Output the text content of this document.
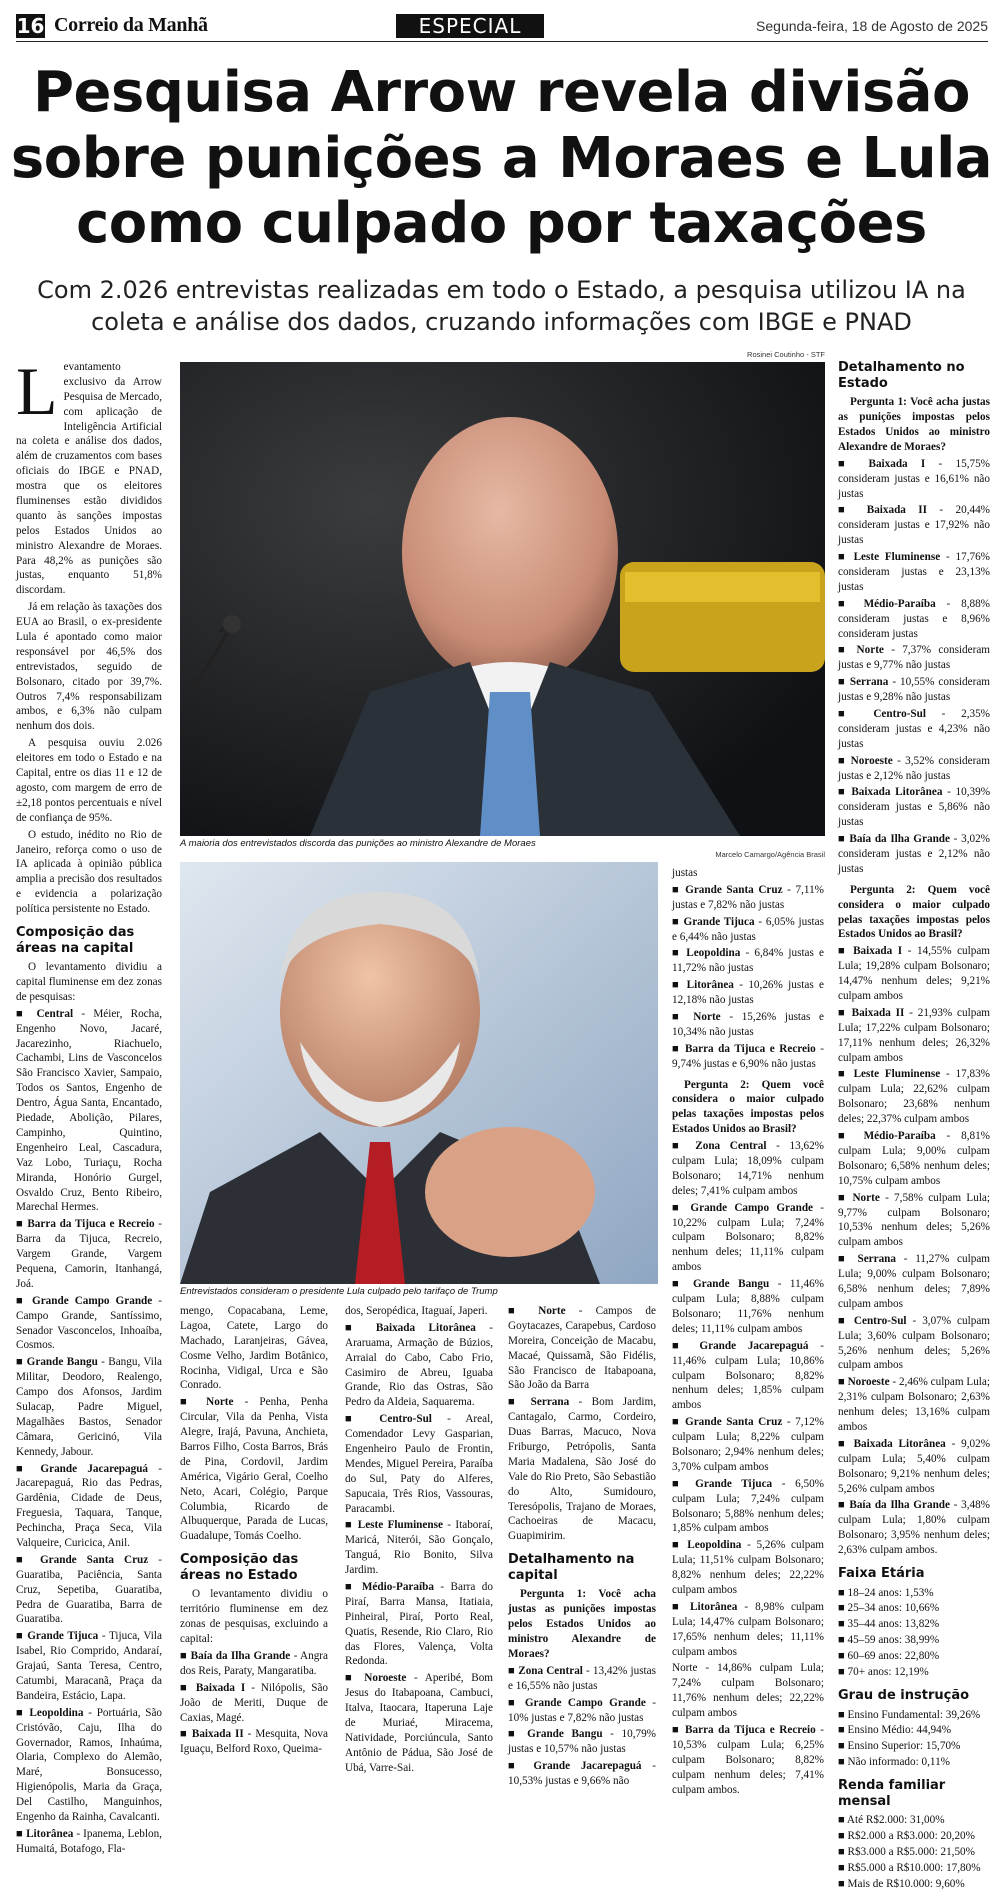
16 Correio da Manhã	ESPECIAL	Segunda-feira, 18 de Agosto de 2025
Pesquisa Arrow revela divisão sobre punições a Moraes e Lula como culpado por taxações
Com 2.026 entrevistas realizadas em todo o Estado, a pesquisa utilizou IA na coleta e análise dos dados, cruzando informações com IBGE e PNAD

Levantamento exclusivo da Arrow Pesquisa de Mercado, com aplicação de Inteligência Artificial na coleta e análise dos dados, além de cruzamentos com bases oficiais do IBGE e PNAD, mostra que os eleitores fluminenses estão divididos quanto às sanções impostas pelos Estados Unidos ao ministro Alexandre de Moraes. Para 48,2% as punições são justas, enquanto 51,8% discordam.

Já em relação às taxações dos EUA ao Brasil, o ex-presidente Lula é apontado como maior responsável por 46,5% dos entrevistados, seguido de Bolsonaro, citado por 39,7%. Outros 7,4% responsabilizam ambos, e 6,3% não culpam nenhum dos dois.

A pesquisa ouviu 2.026 eleitores em todo o Estado e na Capital, entre os dias 11 e 12 de agosto, com margem de erro de ±2,18 pontos percentuais e nível de confiança de 95%.

O estudo, inédito no Rio de Janeiro, reforça como o uso de IA aplicada à opinião pública amplia a precisão dos resultados e evidencia a polarização política persistente no Estado.

Composição das áreas na capital

O levantamento dividiu a capital fluminense em dez zonas de pesquisas:

■ Central - Méier, Rocha, Engenho Novo, Jacaré, Jacarezinho, Riachuelo, Cachambi, Lins de Vasconcelos São Francisco Xavier, Sampaio, Todos os Santos, Engenho de Dentro, Água Santa, Encantado, Piedade, Abolição, Pilares, Campinho, Quintino, Engenheiro Leal, Cascadura, Vaz Lobo, Turiaçu, Rocha Miranda, Honório Gurgel, Osvaldo Cruz, Bento Ribeiro, Marechal Hermes.

■ Barra da Tijuca e Recreio - Barra da Tijuca, Recreio, Vargem Grande, Vargem Pequena, Camorin, Itanhangá, Joá.

■ Grande Campo Grande - Campo Grande, Santíssimo, Senador Vasconcelos, Inhoaíba, Cosmos.

■ Grande Bangu - Bangu, Vila Militar, Deodoro, Realengo, Campo dos Afonsos, Jardim Sulacap, Padre Miguel, Magalhães Bastos, Senador Câmara, Gericinó, Vila Kennedy, Jabour.

■ Grande Jacarepaguá - Jacarepaguá, Rio das Pedras, Gardênia, Cidade de Deus, Freguesia, Taquara, Tanque, Pechincha, Praça Seca, Vila Valqueire, Curicica, Anil.

■ Grande Santa Cruz - Guaratiba, Paciência, Santa Cruz, Sepetiba, Guaratiba, Pedra de Guaratiba, Barra de Guaratiba.

■ Grande Tijuca - Tijuca, Vila Isabel, Rio Comprido, Andaraí, Grajaú, Santa Teresa, Centro, Catumbi, Maracanã, Praça da Bandeira, Estácio, Lapa.

■ Leopoldina - Portuária, São Cristóvão, Caju, Ilha do Governador, Ramos, Inhaúma, Olaria, Complexo do Alemão, Maré, Bonsucesso, Higienópolis, Maria da Graça, Del Castilho, Manguinhos, Engenho da Rainha, Cavalcanti.

■ Litorânea - Ipanema, Leblon, Humaitá, Botafogo, Fla-

Rosinei Coutinho - STF
A maioria dos entrevistados discorda das punições ao ministro Alexandre de Moraes
Marcelo Camargo/Agência Brasil
Entrevistados consideram o presidente Lula culpado pelo tarifaço de Trump

mengo, Copacabana, Leme, Lagoa, Catete, Largo do Machado, Laranjeiras, Gávea, Cosme Velho, Jardim Botânico, Rocinha, Vidigal, Urca e São Conrado.

■ Norte - Penha, Penha Circular, Vila da Penha, Vista Alegre, Irajá, Pavuna, Anchieta, Barros Filho, Costa Barros, Brás de Pina, Cordovil, Jardim América, Vigário Geral, Coelho Neto, Acari, Colégio, Parque Columbia, Ricardo de Albuquerque, Parada de Lucas, Guadalupe, Tomás Coelho.

Composição das áreas no Estado

O levantamento dividiu o território fluminense em dez zonas de pesquisas, excluindo a capital:

■ Baía da Ilha Grande - Angra dos Reis, Paraty, Mangaratiba.

■ Baixada I - Nilópolis, São João de Meriti, Duque de Caxias, Magé.

■ Baixada II - Mesquita, Nova Iguaçu, Belford Roxo, Queima-

dos, Seropédica, Itaguaí, Japeri.

■ Baixada Litorânea - Araruama, Armação de Búzios, Arraial do Cabo, Cabo Frio, Casimiro de Abreu, Iguaba Grande, Rio das Ostras, São Pedro da Aldeia, Saquarema.

■ Centro-Sul - Areal, Comendador Levy Gasparian, Engenheiro Paulo de Frontin, Mendes, Miguel Pereira, Paraíba do Sul, Paty do Alferes, Sapucaia, Três Rios, Vassouras, Paracambi.

■ Leste Fluminense - Itaboraí, Maricá, Niterói, São Gonçalo, Tanguá, Rio Bonito, Silva Jardim.

■ Médio-Paraíba - Barra do Piraí, Barra Mansa, Itatiaia, Pinheiral, Piraí, Porto Real, Quatis, Resende, Rio Claro, Rio das Flores, Valença, Volta Redonda.

■ Noroeste - Aperibé, Bom Jesus do Itabapoana, Cambuci, Italva, Itaocara, Itaperuna Laje de Muriaé, Miracema, Natividade, Porciúncula, Santo Antônio de Pádua, São José de Ubá, Varre-Sai.

■ Norte - Campos de Goytacazes, Carapebus, Cardoso Moreira, Conceição de Macabu, Macaé, Quissamã, São Fidélis, São Francisco de Itabapoana, São João da Barra

■ Serrana - Bom Jardim, Cantagalo, Carmo, Cordeiro, Duas Barras, Macuco, Nova Friburgo, Petrópolis, Santa Maria Madalena, São José do Vale do Rio Preto, São Sebastião do Alto, Sumidouro, Teresópolis, Trajano de Moraes, Cachoeiras de Macacu, Guapimirim.

Detalhamento na capital

Pergunta 1: Você acha justas as punições impostas pelos Estados Unidos ao ministro Alexandre de Moraes?

■ Zona Central - 13,42% justas e 16,55% não justas

■ Grande Campo Grande - 10% justas e 7,82% não justas

■ Grande Bangu - 10,79% justas e 10,57% não justas

■ Grande Jacarepaguá - 10,53% justas e 9,66% não

justas

■ Grande Santa Cruz - 7,11% justas e 7,82% não justas

■ Grande Tijuca - 6,05% justas e 6,44% não justas

■ Leopoldina - 6,84% justas e 11,72% não justas

■ Litorânea - 10,26% justas e 12,18% não justas

■ Norte - 15,26% justas e 10,34% não justas

■ Barra da Tijuca e Recreio - 9,74% justas e 6,90% não justas

Pergunta 2: Quem você considera o maior culpado pelas taxações impostas pelos Estados Unidos ao Brasil?

■ Zona Central - 13,62% culpam Lula; 18,09% culpam Bolsonaro; 14,71% nenhum deles; 7,41% culpam ambos

■ Grande Campo Grande - 10,22% culpam Lula; 7,24% culpam Bolsonaro; 8,82% nenhum deles; 11,11% culpam ambos

■ Grande Bangu - 11,46% culpam Lula; 8,88% culpam Bolsonaro; 11,76% nenhum deles; 11,11% culpam ambos

■ Grande Jacarepaguá - 11,46% culpam Lula; 10,86% culpam Bolsonaro; 8,82% nenhum deles; 1,85% culpam ambos

■ Grande Santa Cruz - 7,12% culpam Lula; 8,22% culpam Bolsonaro; 2,94% nenhum deles; 3,70% culpam ambos

■ Grande Tijuca - 6,50% culpam Lula; 7,24% culpam Bolsonaro; 5,88% nenhum deles; 1,85% culpam ambos

■ Leopoldina - 5,26% culpam Lula; 11,51% culpam Bolsonaro; 8,82% nenhum deles; 22,22% culpam ambos

■ Litorânea - 8,98% culpam Lula; 14,47% culpam Bolsonaro; 17,65% nenhum deles; 11,11% culpam ambos

Norte - 14,86% culpam Lula; 7,24% culpam Bolsonaro; 11,76% nenhum deles; 22,22% culpam ambos

■ Barra da Tijuca e Recreio - 10,53% culpam Lula; 6,25% culpam Bolsonaro; 8,82% culpam nenhum deles; 7,41% culpam ambos.

Detalhamento no Estado

Pergunta 1: Você acha justas as punições impostas pelos Estados Unidos ao ministro Alexandre de Moraes?

■ Baixada I - 15,75% consideram justas e 16,61% não justas

■ Baixada II - 20,44% consideram justas e 17,92% não justas

■ Leste Fluminense - 17,76% consideram justas e 23,13% justas

■ Médio-Paraíba - 8,88% consideram justas e 8,96% consideram justas

■ Norte - 7,37% consideram justas e 9,77% não justas

■ Serrana - 10,55% consideram justas e 9,28% não justas

■ Centro-Sul - 2,35% consideram justas e 4,23% não justas

■ Noroeste - 3,52% consideram justas e 2,12% não justas

■ Baixada Litorânea - 10,39% consideram justas e 5,86% não justas

■ Baía da Ilha Grande - 3,02% consideram justas e 2,12% não justas

Pergunta 2: Quem você considera o maior culpado pelas taxações impostas pelos Estados Unidos ao Brasil?

■ Baixada I - 14,55% culpam Lula; 19,28% culpam Bolsonaro; 14,47% nenhum deles; 9,21% culpam ambos

■ Baixada II - 21,93% culpam Lula; 17,22% culpam Bolsonaro; 17,11% nenhum deles; 26,32% culpam ambos

■ Leste Fluminense - 17,83% culpam Lula; 22,62% culpam Bolsonaro; 23,68% nenhum deles; 22,37% culpam ambos

■ Médio-Paraíba - 8,81% culpam Lula; 9,00% culpam Bolsonaro; 6,58% nenhum deles; 10,75% culpam ambos

■ Norte - 7,58% culpam Lula; 9,77% culpam Bolsonaro; 10,53% nenhum deles; 5,26% culpam ambos

■ Serrana - 11,27% culpam Lula; 9,00% culpam Bolsonaro; 6,58% nenhum deles; 7,89% culpam ambos

■ Centro-Sul - 3,07% culpam Lula; 3,60% culpam Bolsonaro; 5,26% nenhum deles; 5,26% culpam ambos

■ Noroeste - 2,46% culpam Lula; 2,31% culpam Bolsonaro; 2,63% nenhum deles; 13,16% culpam ambos

■ Baixada Litorânea - 9,02% culpam Lula; 5,40% culpam Bolsonaro; 9,21% nenhum deles; 5,26% culpam ambos

■ Baía da Ilha Grande - 3,48% culpam Lula; 1,80% culpam Bolsonaro; 3,95% nenhum deles; 2,63% culpam ambos.

Faixa Etária
■ 18–24 anos: 1,53%
■ 25–34 anos: 10,66%
■ 35–44 anos: 13,82%
■ 45–59 anos: 38,99%
■ 60–69 anos: 22,80%
■ 70+ anos: 12,19%
Grau de instrução
■ Ensino Fundamental: 39,26%
■ Ensino Médio: 44,94%
■ Ensino Superior: 15,70%
■ Não informado: 0,11%
Renda familiar mensal
■ Até R$2.000: 31,00%
■ R$2.000 a R$3.000: 20,20%
■ R$3.000 a R$5.000: 21,50%
■ R$5.000 a R$10.000: 17,80%
■ Mais de R$10.000: 9,60%
